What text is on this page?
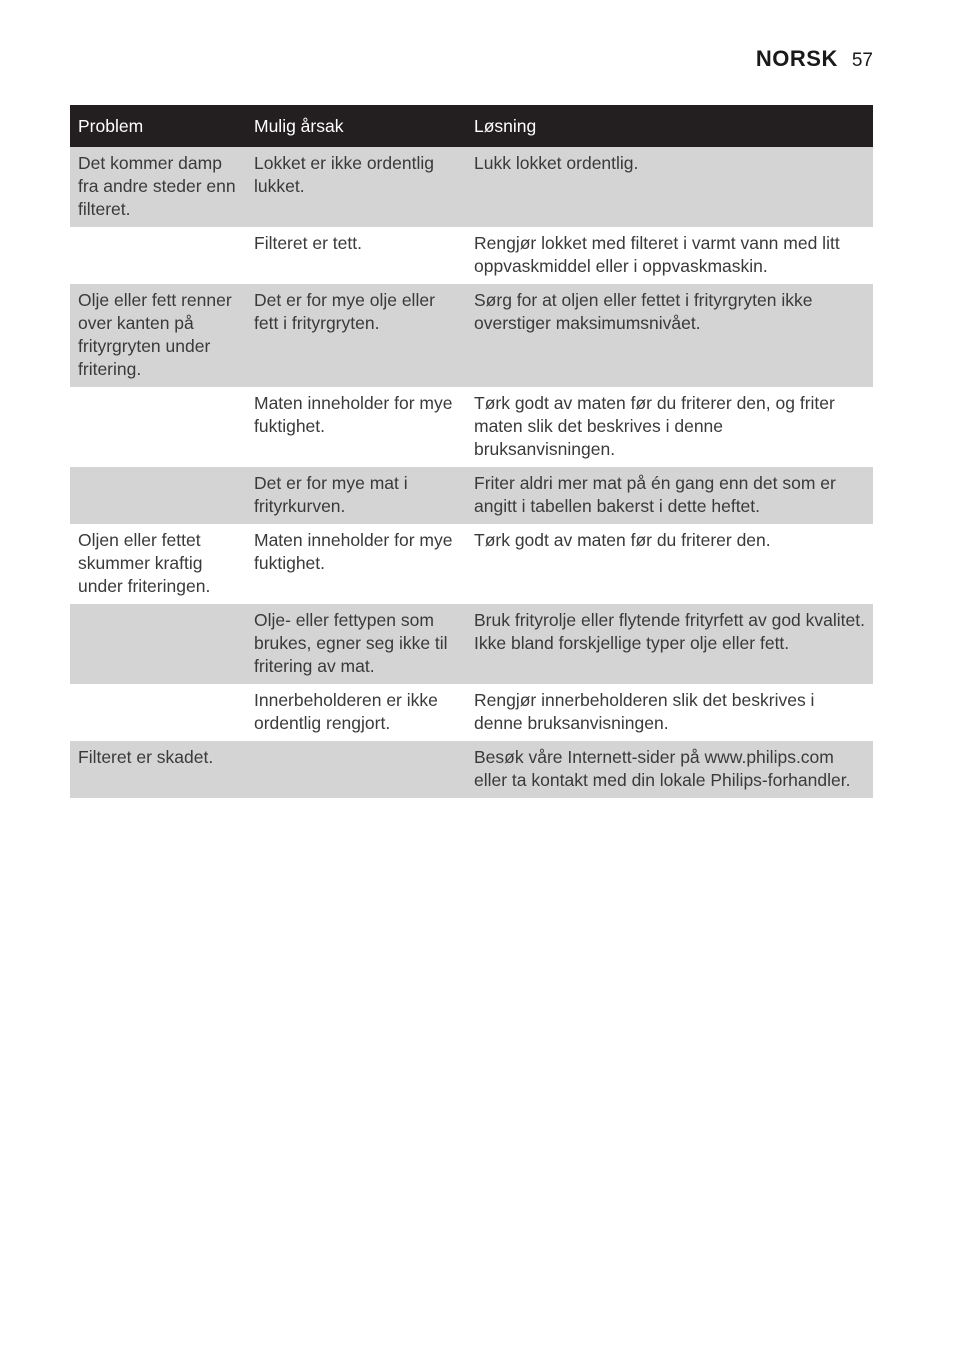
NORSK 57
Problem	Mulig årsak	Løsning
Det kommer damp fra andre steder enn filteret.	Lokket er ikke ordentlig lukket.	Lukk lokket ordentlig.
	Filteret er tett.	Rengjør lokket med filteret i varmt vann med litt oppvaskmiddel eller i oppvaskmaskin.
Olje eller fett renner over kanten på frityrgryten under fritering.	Det er for mye olje eller fett i frityrgryten.	Sørg for at oljen eller fettet i frityrgryten ikke overstiger maksimumsnivået.
	Maten inneholder for mye fuktighet.	Tørk godt av maten før du friterer den, og friter maten slik det beskrives i denne bruksanvisningen.
	Det er for mye mat i frityrkurven.	Friter aldri mer mat på én gang enn det som er angitt i tabellen bakerst i dette heftet.
Oljen eller fettet skummer kraftig under friteringen.	Maten inneholder for mye fuktighet.	Tørk godt av maten før du friterer den.
	Olje- eller fettypen som brukes, egner seg ikke til fritering av mat.	Bruk frityrolje eller flytende frityrfett av god kvalitet. Ikke bland forskjellige typer olje eller fett.
	Innerbeholderen er ikke ordentlig rengjort.	Rengjør innerbeholderen slik det beskrives i denne bruksanvisningen.
Filteret er skadet.		Besøk våre Internett-sider på www.philips.com eller ta kontakt med din lokale Philips-forhandler.
